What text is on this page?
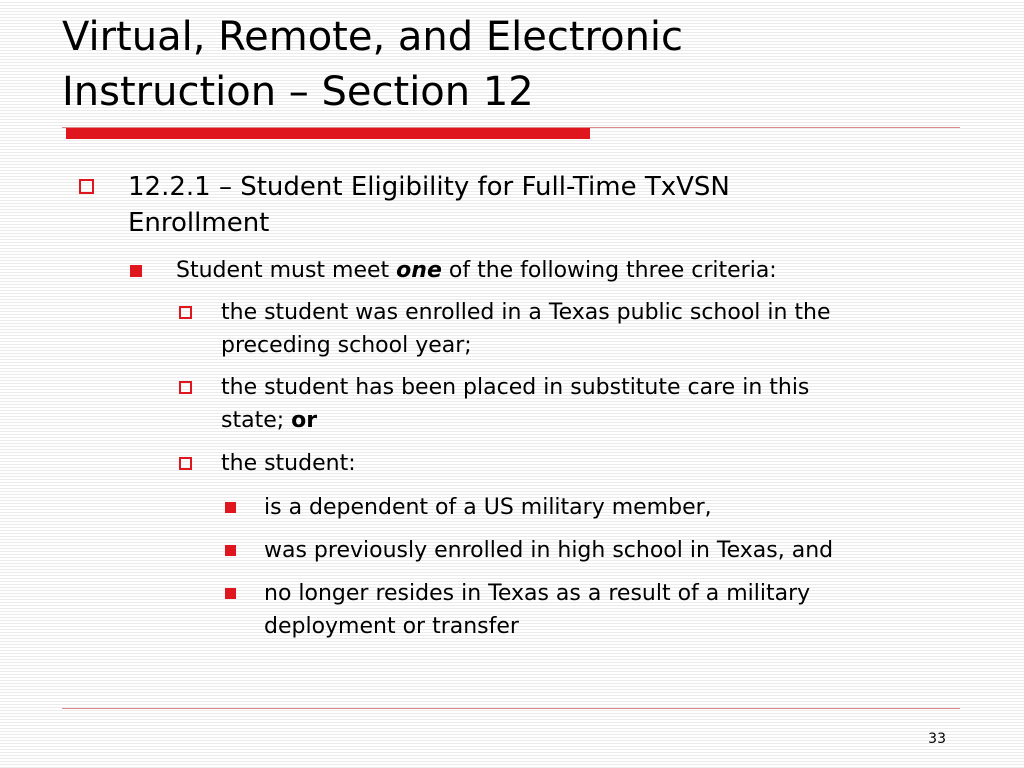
Virtual, Remote, and Electronic
Instruction – Section 12
12.2.1 – Student Eligibility for Full-Time TxVSN
Enrollment
Student must meet one of the following three criteria:
the student was enrolled in a Texas public school in the
preceding school year;
the student has been placed in substitute care in this
state; or
the student:
is a dependent of a US military member,
was previously enrolled in high school in Texas, and
no longer resides in Texas as a result of a military
deployment or transfer
33
